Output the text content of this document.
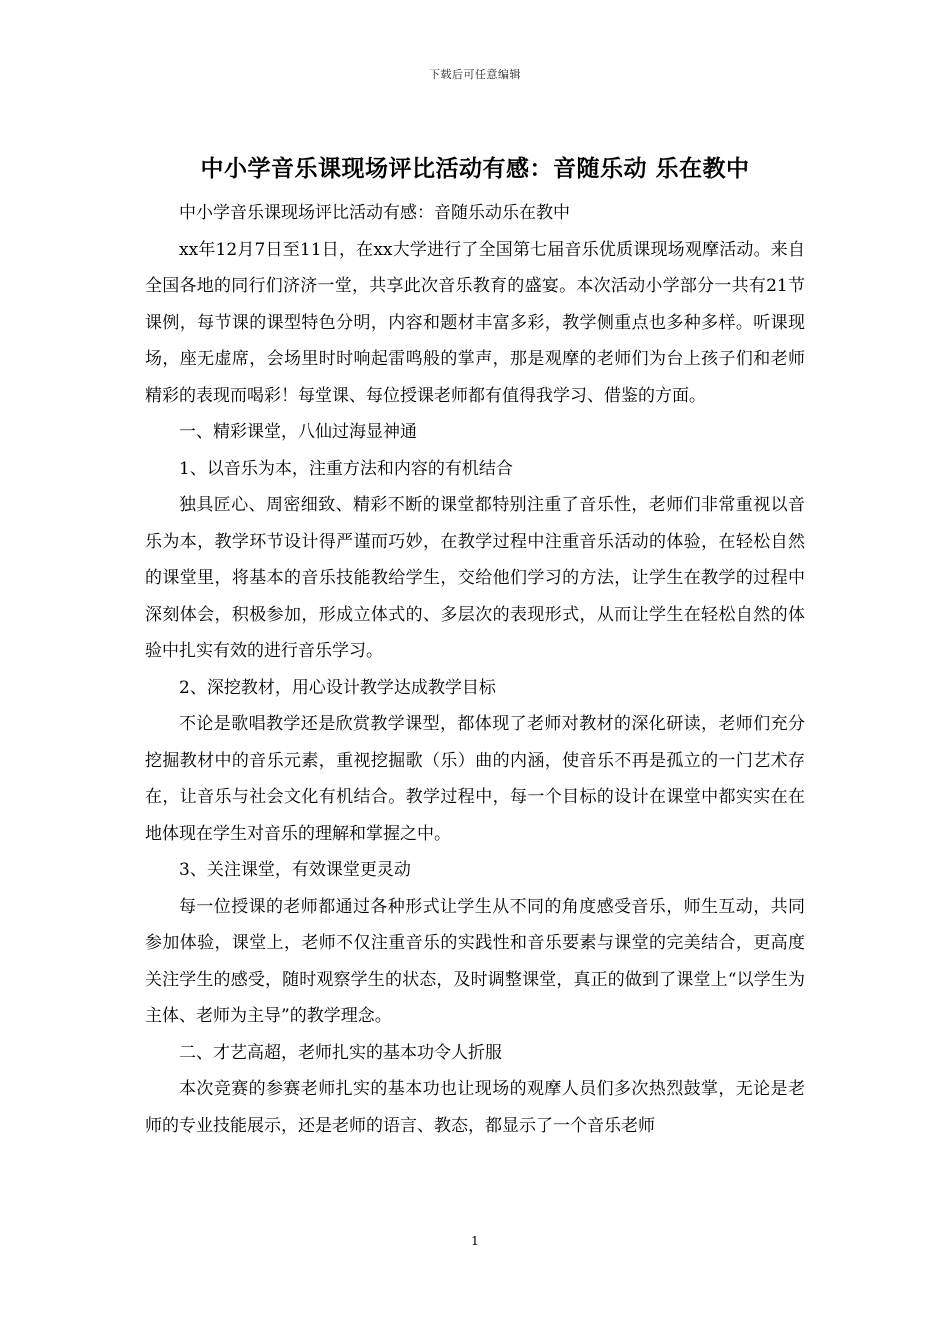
下载后可任意编辑
中小学音乐课现场评比活动有感：音随乐动 乐在教中

中小学音乐课现场评比活动有感：音随乐动乐在教中

xx年12月7日至11日，在xx大学进行了全国第七届音乐优质课现场观摩活动。来自全国各地的同行们济济一堂，共享此次音乐教育的盛宴。本次活动小学部分一共有21节课例，每节课的课型特色分明，内容和题材丰富多彩，教学侧重点也多种多样。听课现场，座无虚席，会场里时时响起雷鸣般的掌声，那是观摩的老师们为台上孩子们和老师精彩的表现而喝彩！每堂课、每位授课老师都有值得我学习、借鉴的方面。

一、精彩课堂，八仙过海显神通

1、以音乐为本，注重方法和内容的有机结合

独具匠心、周密细致、精彩不断的课堂都特别注重了音乐性，老师们非常重视以音乐为本，教学环节设计得严谨而巧妙，在教学过程中注重音乐活动的体验，在轻松自然的课堂里，将基本的音乐技能教给学生，交给他们学习的方法，让学生在教学的过程中深刻体会，积极参加，形成立体式的、多层次的表现形式，从而让学生在轻松自然的体验中扎实有效的进行音乐学习。

2、深挖教材，用心设计教学达成教学目标

不论是歌唱教学还是欣赏教学课型，都体现了老师对教材的深化研读，老师们充分挖掘教材中的音乐元素，重视挖掘歌（乐）曲的内涵，使音乐不再是孤立的一门艺术存在，让音乐与社会文化有机结合。教学过程中，每一个目标的设计在课堂中都实实在在地体现在学生对音乐的理解和掌握之中。

3、关注课堂，有效课堂更灵动

每一位授课的老师都通过各种形式让学生从不同的角度感受音乐，师生互动，共同参加体验，课堂上，老师不仅注重音乐的实践性和音乐要素与课堂的完美结合，更高度关注学生的感受，随时观察学生的状态，及时调整课堂，真正的做到了课堂上“以学生为主体、老师为主导”的教学理念。

二、才艺高超，老师扎实的基本功令人折服

本次竞赛的参赛老师扎实的基本功也让现场的观摩人员们多次热烈鼓掌，无论是老师的专业技能展示，还是老师的语言、教态，都显示了一个音乐老师

1
